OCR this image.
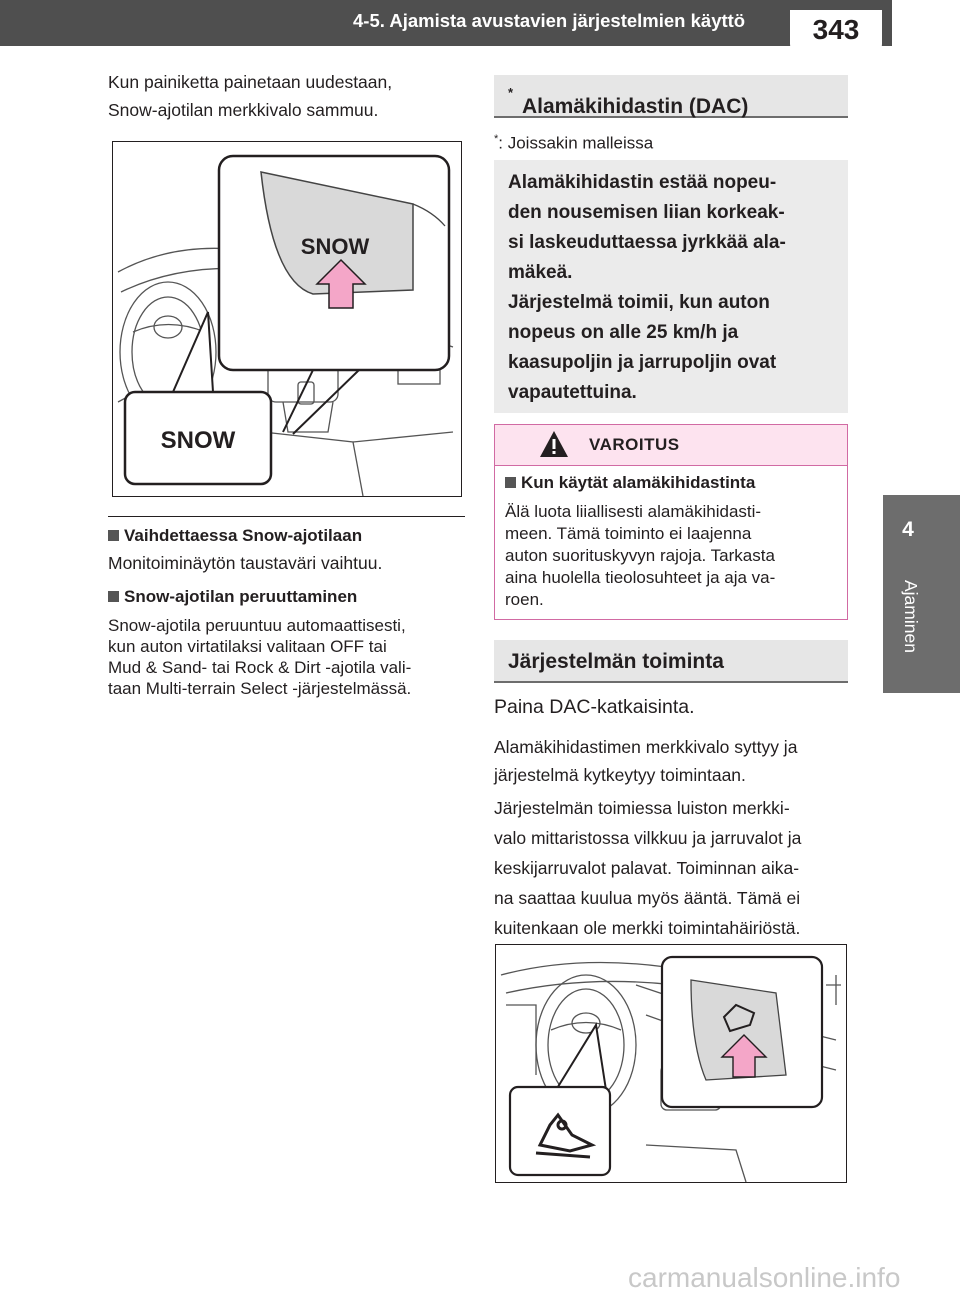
4-5. Ajamista avustavien järjestelmien käyttö	343
4
Ajaminen
Kun painiketta painetaan uudestaan,
Snow-ajotilan merkkivalo sammuu.
SNOW
SNOW
Vaihdettaessa Snow-ajotilaan
Monitoiminäytön taustaväri vaihtuu.
Snow-ajotilan peruuttaminen
Snow-ajotila peruuntuu automaattisesti,
kun auton virtatilaksi valitaan OFF tai
Mud & Sand- tai Rock & Dirt -ajotila vali-
taan Multi-terrain Select -järjestelmässä.
Alamäkihidastin (DAC)
*
*: Joissakin malleissa
Alamäkihidastin estää nopeu-
den nousemisen liian korkeak-
si laskeuduttaessa jyrkkää ala-
mäkeä.
Järjestelmä toimii, kun auton
nopeus on alle 25 km/h ja
kaasupoljin ja jarrupoljin ovat
vapautettuina.
VAROITUS
Kun käytät alamäkihidastinta
Älä luota liiallisesti alamäkihidasti-
meen. Tämä toiminto ei laajenna
auton suorituskyvyn rajoja. Tarkasta
aina huolella tieolosuhteet ja aja va-
roen.
Järjestelmän toiminta
Paina DAC-katkaisinta.
Alamäkihidastimen merkkivalo syttyy ja
järjestelmä kytkeytyy toimintaan.
Järjestelmän toimiessa luiston merkki-
valo mittaristossa vilkkuu ja jarruvalot ja
keskijarruvalot palavat. Toiminnan aika-
na saattaa kuulua myös ääntä. Tämä ei
kuitenkaan ole merkki toimintahäiriöstä.
carmanualsonline.info
